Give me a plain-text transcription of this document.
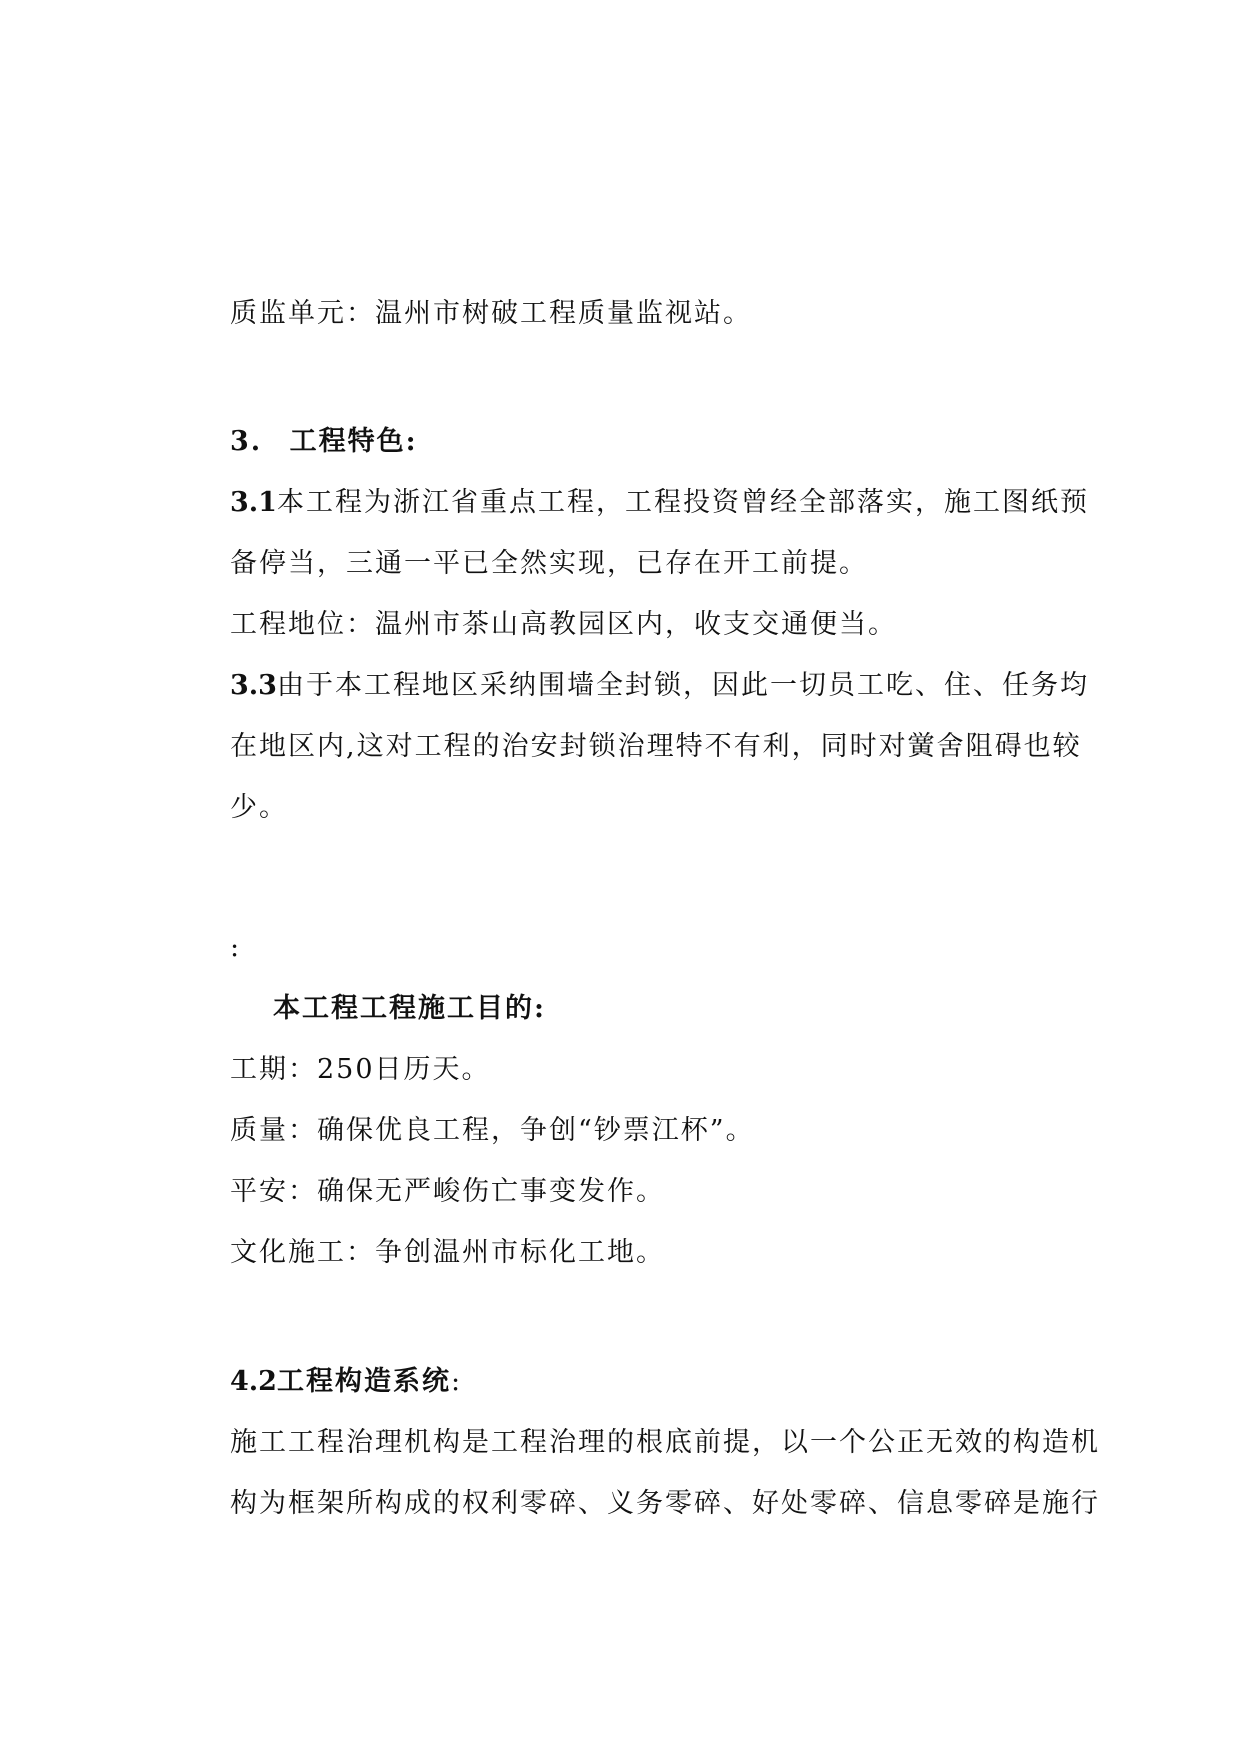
质监单元：温州市树破工程质量监视站。
3. 工程特色:
3.1本工程为浙江省重点工程，工程投资曾经全部落实，施工图纸预
备停当，三通一平已全然实现，已存在开工前提。
工程地位：温州市茶山高教园区内，收支交通便当。
3.3由于本工程地区采纳围墙全封锁，因此一切员工吃、住、任务均
在地区内,这对工程的治安封锁治理特不有利，同时对黉舍阻碍也较
少。
:
本工程工程施工目的:
工期：250日历天。
质量：确保优良工程，争创“钞票江杯”。
平安：确保无严峻伤亡事变发作。
文化施工：争创温州市标化工地。
4.2工程构造系统:
施工工程治理机构是工程治理的根底前提，以一个公正无效的构造机
构为框架所构成的权利零碎、义务零碎、好处零碎、信息零碎是施行
